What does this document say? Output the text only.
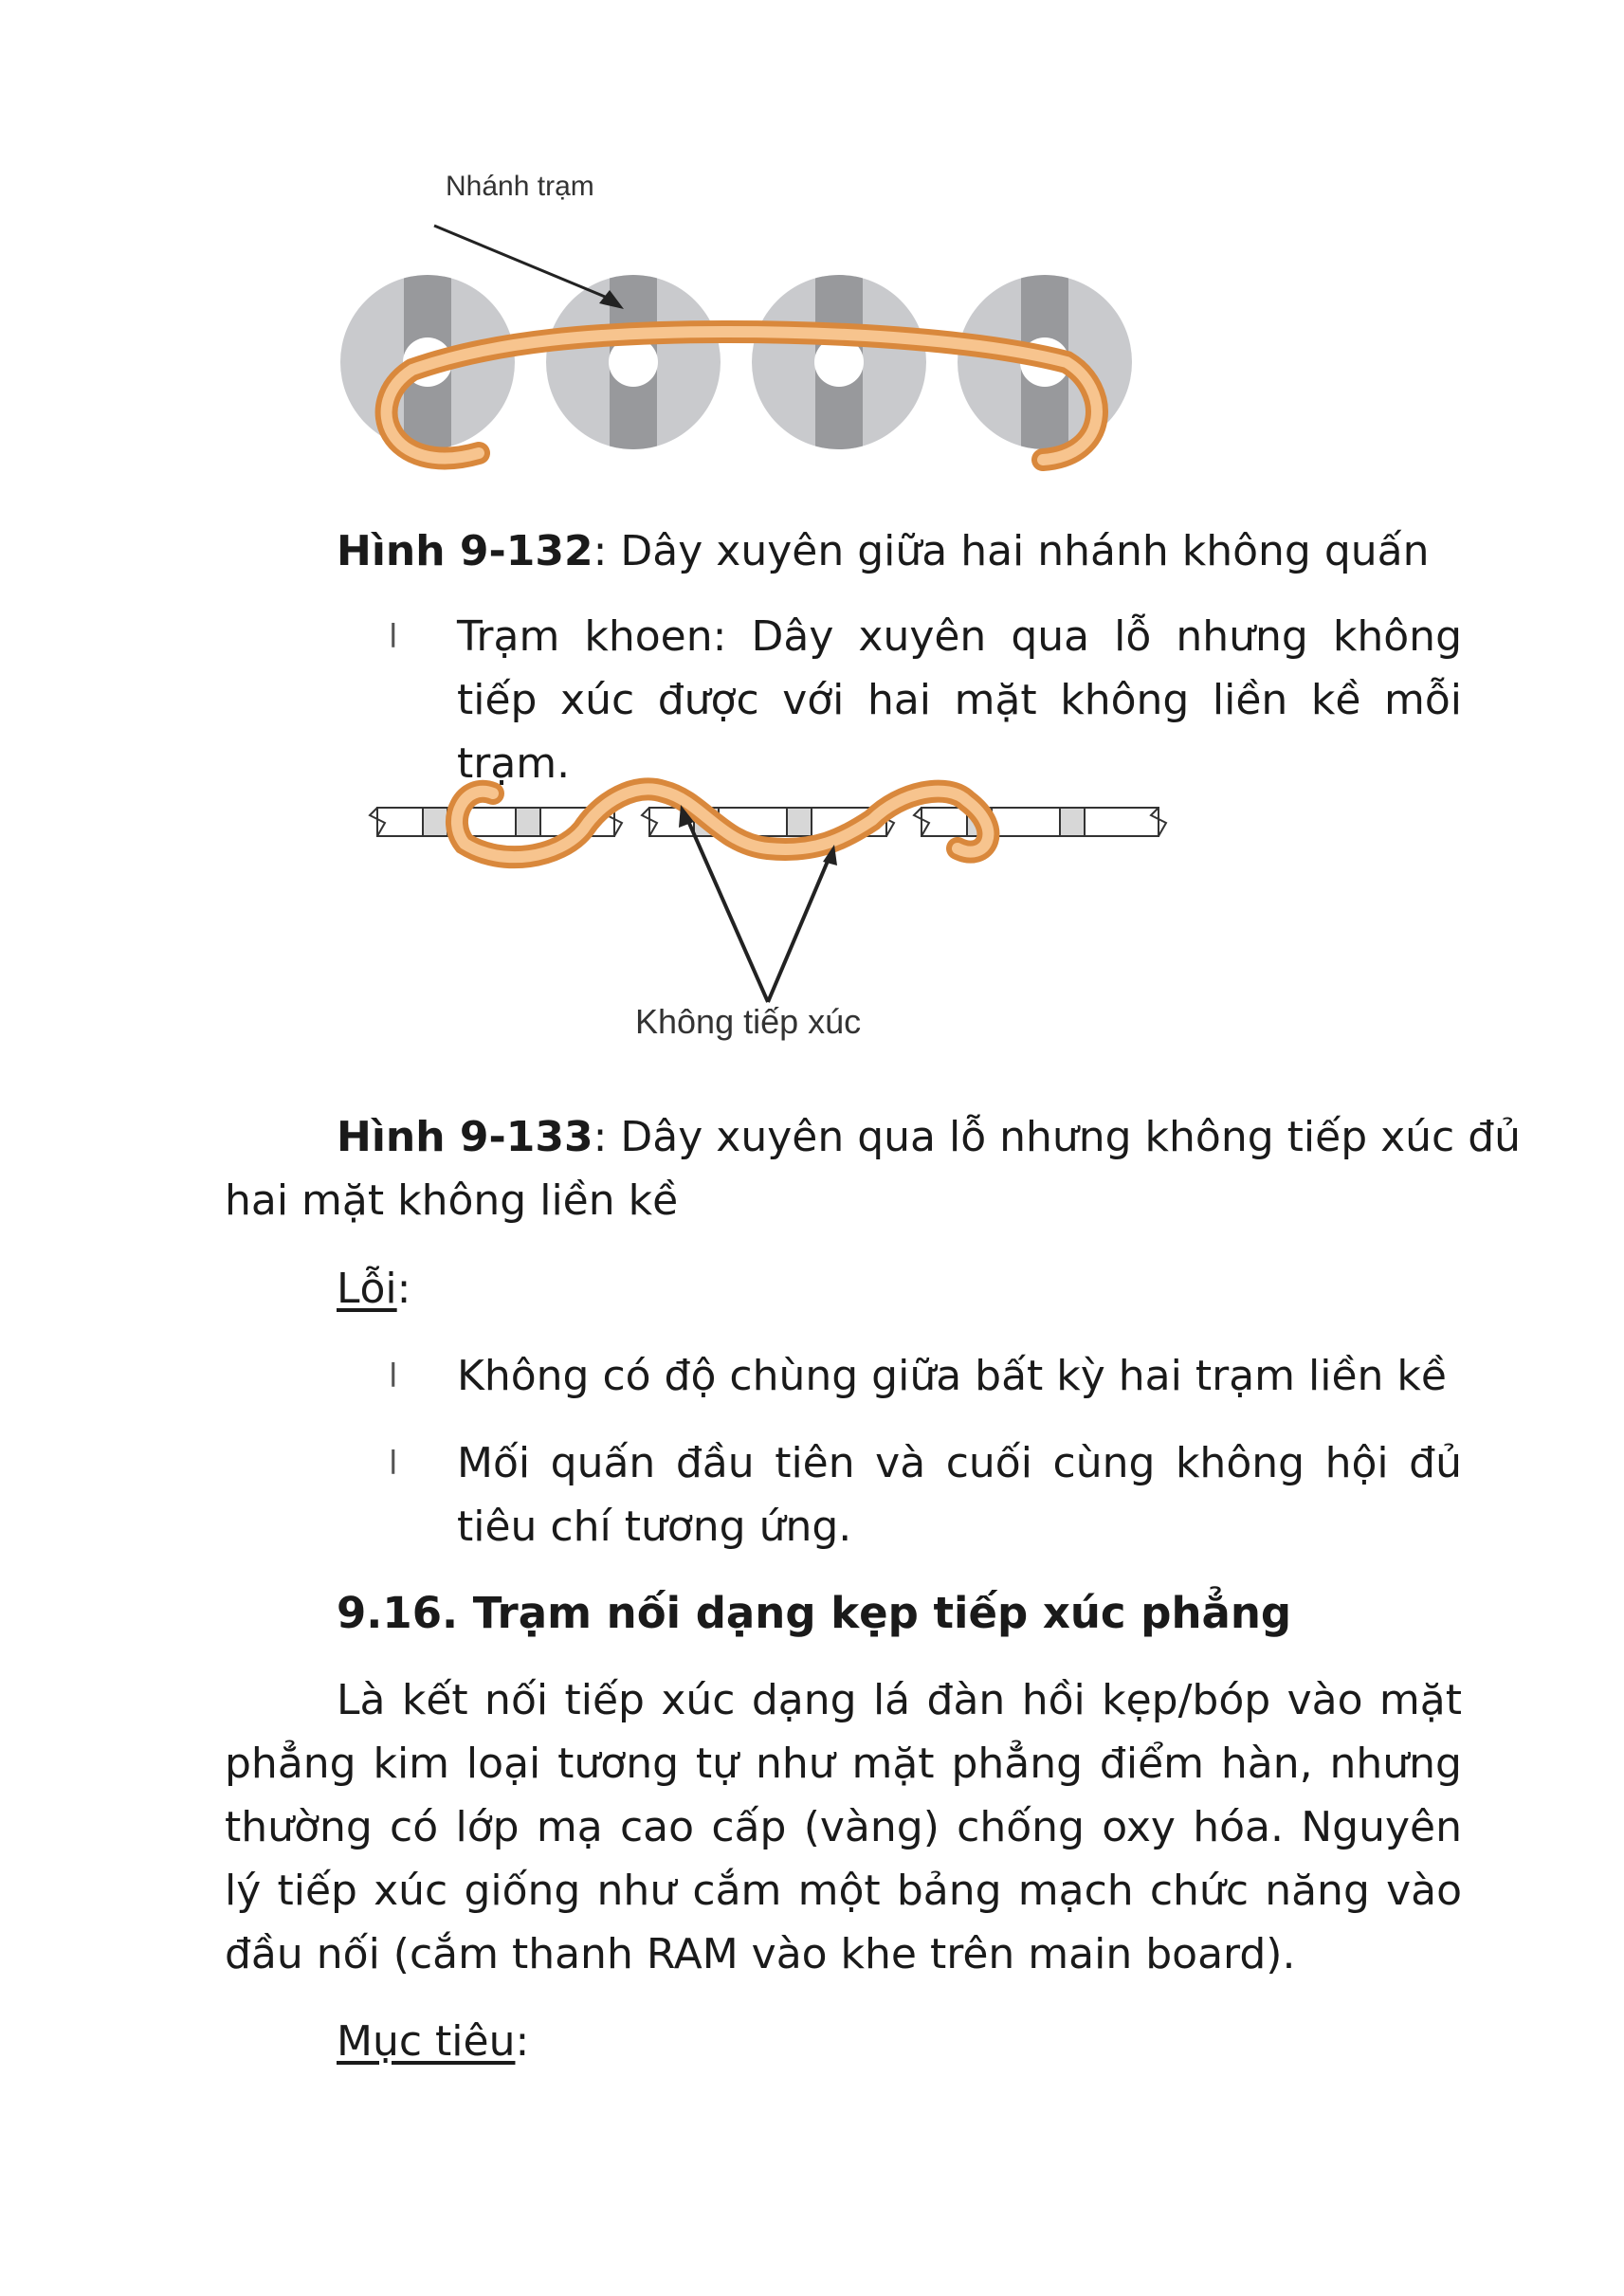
Nhánh trạm
Hình 9-132: Dây xuyên giữa hai nhánh không quấn
l Trạm khoen: Dây xuyên qua lỗ nhưng không tiếp xúc được với hai mặt không liền kề mỗi trạm.
Không tiếp xúc
Hình 9-133: Dây xuyên qua lỗ nhưng không tiếp xúc đủ
hai mặt không liền kề
Lỗi:
l Không có độ chùng giữa bất kỳ hai trạm liền kề
l Mối quấn đầu tiên và cuối cùng không hội đủ tiêu chí tương ứng.
9.16. Trạm nối dạng kẹp tiếp xúc phẳng
Là kết nối tiếp xúc dạng lá đàn hồi kẹp/bóp vào mặt phẳng kim loại tương tự như mặt phẳng điểm hàn, nhưng thường có lớp mạ cao cấp (vàng) chống oxy hóa. Nguyên lý tiếp xúc giống như cắm một bảng mạch chức năng vào đầu nối (cắm thanh RAM vào khe trên main board).
Mục tiêu:
